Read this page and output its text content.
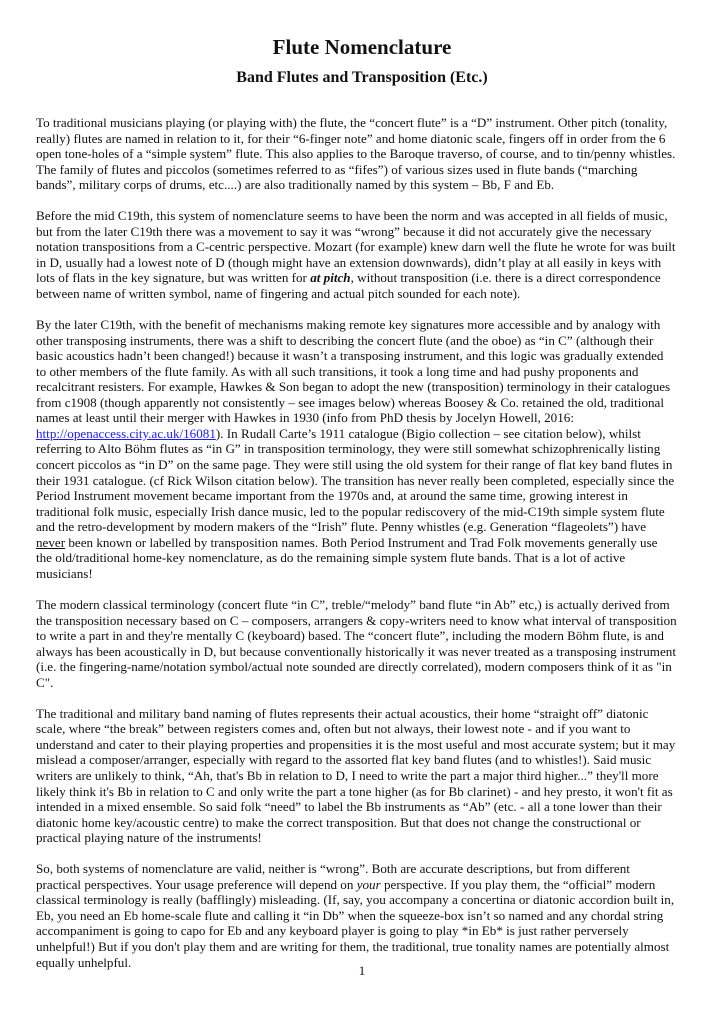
Flute Nomenclature
Band Flutes and Transposition (Etc.)
To traditional musicians playing (or playing with) the flute, the “concert flute” is a “D” instrument. Other pitch (tonality,
really) flutes are named in relation to it, for their “6-finger note” and home diatonic scale, fingers off in order from the 6
open tone-holes of a “simple system” flute. This also applies to the Baroque traverso, of course, and to tin/penny whistles.
The family of flutes and piccolos (sometimes referred to as “fifes”) of various sizes used in flute bands (“marching
bands”, military corps of drums, etc....) are also traditionally named by this system – Bb, F and Eb.
Before the mid C19th, this system of nomenclature seems to have been the norm and was accepted in all fields of music,
but from the later C19th there was a movement to say it was “wrong” because it did not accurately give the necessary
notation transpositions from a C-centric perspective. Mozart (for example) knew darn well the flute he wrote for was built
in D, usually had a lowest note of D (though might have an extension downwards), didn’t play at all easily in keys with
lots of flats in the key signature, but was written for at pitch, without transposition (i.e. there is a direct correspondence
between name of written symbol, name of fingering and actual pitch sounded for each note).
By the later C19th, with the benefit of mechanisms making remote key signatures more accessible and by analogy with
other transposing instruments, there was a shift to describing the concert flute (and the oboe) as “in C” (although their
basic acoustics hadn’t been changed!) because it wasn’t a transposing instrument, and this logic was gradually extended
to other members of the flute family. As with all such transitions, it took a long time and had pushy proponents and
recalcitrant resisters. For example, Hawkes & Son began to adopt the new (transposition) terminology in their catalogues
from c1908 (though apparently not consistently – see images below) whereas Boosey & Co. retained the old, traditional
names at least until their merger with Hawkes in 1930 (info from PhD thesis by Jocelyn Howell, 2016:
http://openaccess.city.ac.uk/16081). In Rudall Carte’s 1911 catalogue (Bigio collection – see citation below), whilst
referring to Alto Böhm flutes as “in G” in transposition terminology, they were still somewhat schizophrenically listing
concert piccolos as “in D” on the same page. They were still using the old system for their range of flat key band flutes in
their 1931 catalogue. (cf Rick Wilson citation below). The transition has never really been completed, especially since the
Period Instrument movement became important from the 1970s and, at around the same time, growing interest in
traditional folk music, especially Irish dance music, led to the popular rediscovery of the mid-C19th simple system flute
and the retro-development by modern makers of the “Irish” flute. Penny whistles (e.g. Generation “flageolets”) have
never been known or labelled by transposition names. Both Period Instrument and Trad Folk movements generally use
the old/traditional home-key nomenclature, as do the remaining simple system flute bands. That is a lot of active
musicians!
The modern classical terminology (concert flute “in C”, treble/“melody” band flute “in Ab” etc,) is actually derived from
the transposition necessary based on C – composers, arrangers & copy-writers need to know what interval of transposition
to write a part in and they're mentally C (keyboard) based. The “concert flute”, including the modern Böhm flute, is and
always has been acoustically in D, but because conventionally historically it was never treated as a transposing instrument
(i.e. the fingering-name/notation symbol/actual note sounded are directly correlated), modern composers think of it as "in
C".
The traditional and military band naming of flutes represents their actual acoustics, their home “straight off” diatonic
scale, where “the break” between registers comes and, often but not always, their lowest note - and if you want to
understand and cater to their playing properties and propensities it is the most useful and most accurate system; but it may
mislead a composer/arranger, especially with regard to the assorted flat key band flutes (and to whistles!). Said music
writers are unlikely to think, “Ah, that's Bb in relation to D, I need to write the part a major third higher...” they'll more
likely think it's Bb in relation to C and only write the part a tone higher (as for Bb clarinet) - and hey presto, it won't fit as
intended in a mixed ensemble. So said folk “need” to label the Bb instruments as “Ab” (etc. - all a tone lower than their
diatonic home key/acoustic centre) to make the correct transposition. But that does not change the constructional or
practical playing nature of the instruments!
So, both systems of nomenclature are valid, neither is “wrong”. Both are accurate descriptions, but from different
practical perspectives. Your usage preference will depend on your perspective. If you play them, the “official” modern
classical terminology is really (bafflingly) misleading. (If, say, you accompany a concertina or diatonic accordion built in,
Eb, you need an Eb home-scale flute and calling it “in Db” when the squeeze-box isn’t so named and any chordal string
accompaniment is going to capo for Eb and any keyboard player is going to play *in Eb* is just rather perversely
unhelpful!) But if you don't play them and are writing for them, the traditional, true tonality names are potentially almost
equally unhelpful.
1
